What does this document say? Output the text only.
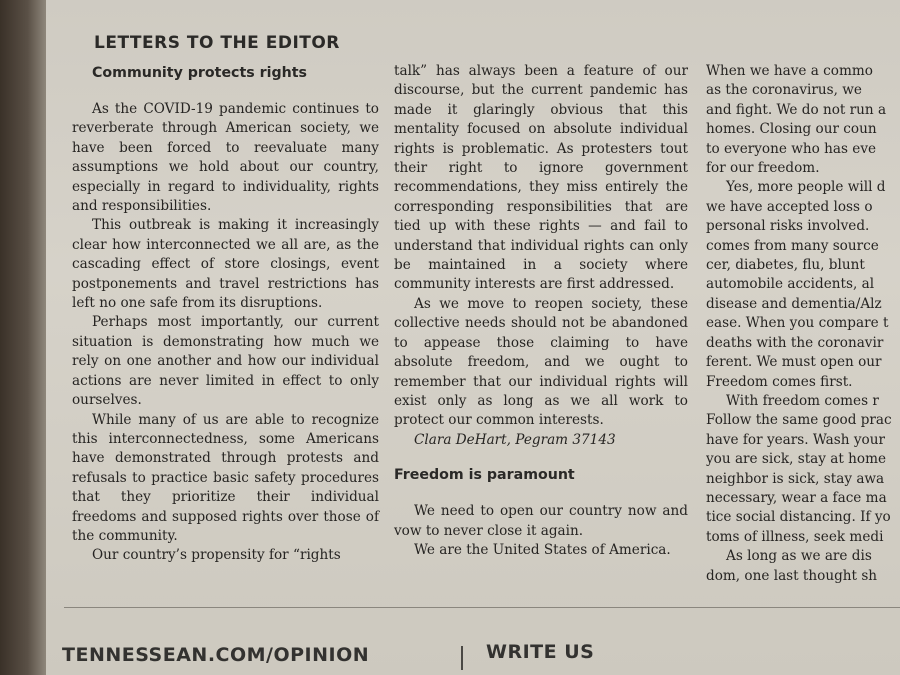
LETTERS TO THE EDITOR
Community protects rights

As the COVID-19 pandemic continues to reverberate through American society, we have been forced to reevaluate many assumptions we hold about our country, especially in regard to individuality, rights and responsibilities.

This outbreak is making it increasingly clear how interconnected we all are, as the cascading effect of store closings, event postponements and travel restrictions has left no one safe from its disruptions.

Perhaps most importantly, our current situation is demonstrating how much we rely on one another and how our individual actions are never limited in effect to only ourselves.

While many of us are able to recognize this interconnectedness, some Americans have demonstrated through protests and refusals to practice basic safety procedures that they prioritize their individual freedoms and supposed rights over those of the community.

Our country’s propensity for “rights

talk” has always been a feature of our discourse, but the current pandemic has made it glaringly obvious that this mentality focused on absolute individual rights is problematic. As protesters tout their right to ignore government recommendations, they miss entirely the corresponding responsibilities that are tied up with these rights — and fail to understand that individual rights can only be maintained in a society where community interests are first addressed.

As we move to reopen society, these collective needs should not be abandoned to appease those claiming to have absolute freedom, and we ought to remember that our individual rights will exist only as long as we all work to protect our common interests.

Clara DeHart, Pegram 37143

Freedom is paramount

We need to open our country now and vow to never close it again.

We are the United States of America.

When we have a commo

as the coronavirus, we

and fight. We do not run a

homes. Closing our coun

to everyone who has eve

for our freedom.

Yes, more people will d

we have accepted loss o

personal risks involved.

comes from many source

cer, diabetes, flu, blunt

automobile accidents, al

disease and dementia/Alz

ease. When you compare t

deaths with the coronavir

ferent. We must open our

Freedom comes first.

With freedom comes r

Follow the same good prac

have for years. Wash your

you are sick, stay at home

neighbor is sick, stay awa

necessary, wear a face ma

tice social distancing. If yo

toms of illness, seek medi

As long as we are dis

dom, one last thought sh

TENNESSEAN.COM/OPINION	WRITE US
